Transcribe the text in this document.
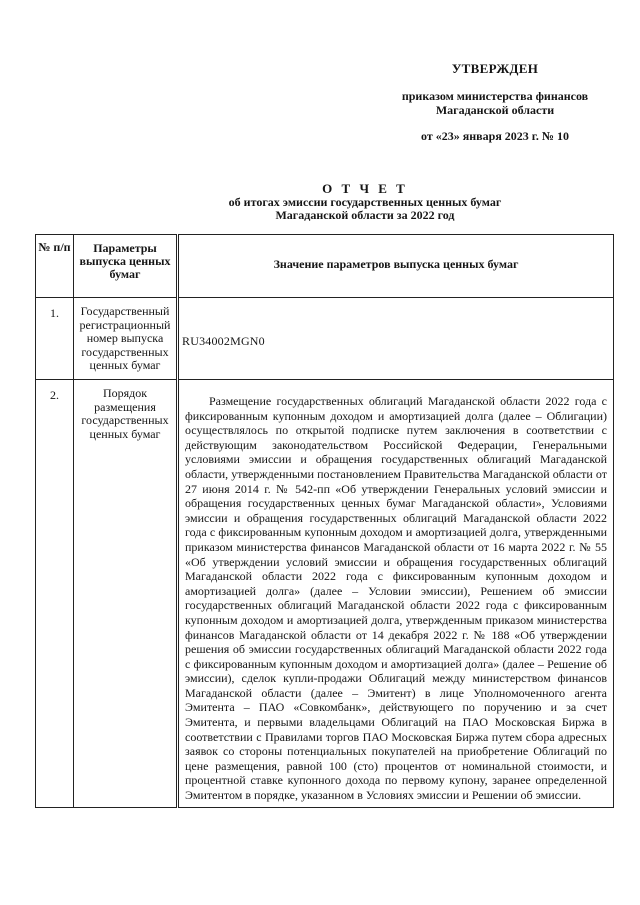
УТВЕРЖДЕН
приказом министерства финансов
Магаданской области
от «23» января 2023 г. № 10
О Т Ч Е Т
об итогах эмиссии государственных ценных бумаг
Магаданской области за 2022 год
№ п/п	Параметры выпуска ценных бумаг	Значение параметров выпуска ценных бумаг
1.	Государственный регистрационный номер выпуска государственных ценных бумаг	RU34002MGN0

2.	Порядок размещения государственных ценных бумаг	Размещение государственных облигаций Магаданской области 2022 года с фиксированным купонным доходом и амортизацией долга (далее – Облигации) осуществлялось по открытой подписке путем заключения в соответствии с действующим законодательством Российской Федерации, Генеральными условиями эмиссии и обращения государственных облигаций Магаданской области, утвержденными постановлением Правительства Магаданской области от 27 июня 2014 г. № 542-пп «Об утверждении Генеральных условий эмиссии и обращения государственных ценных бумаг Магаданской области», Условиями эмиссии и обращения государственных облигаций Магаданской области 2022 года с фиксированным купонным доходом и амортизацией долга, утвержденными приказом министерства финансов Магаданской области от 16 марта 2022 г. № 55 «Об утверждении условий эмиссии и обращения государственных облигаций Магаданской области 2022 года с фиксированным купонным доходом и амортизацией долга» (далее – Условии эмиссии), Решением об эмиссии государственных облигаций Магаданской области 2022 года с фиксированным купонным доходом и амортизацией долга, утвержденным приказом министерства финансов Магаданской области от 14 декабря 2022 г. № 188 «Об утверждении решения об эмиссии государственных облигаций Магаданской области 2022 года с фиксированным купонным доходом и амортизацией долга» (далее – Решение об эмиссии), сделок купли-продажи Облигаций между министерством финансов Магаданской области (далее – Эмитент) в лице Уполномоченного агента Эмитента – ПАО «Совкомбанк», действующего по поручению и за счет Эмитента, и первыми владельцами Облигаций на ПАО Московская Биржа в соответствии с Правилами торгов ПАО Московская Биржа путем сбора адресных заявок со стороны потенциальных покупателей на приобретение Облигаций по цене размещения, равной 100 (сто) процентов от номинальной стоимости, и процентной ставке купонного дохода по первому купону, заранее определенной Эмитентом в порядке, указанном в Условиях эмиссии и Решении об эмиссии.
